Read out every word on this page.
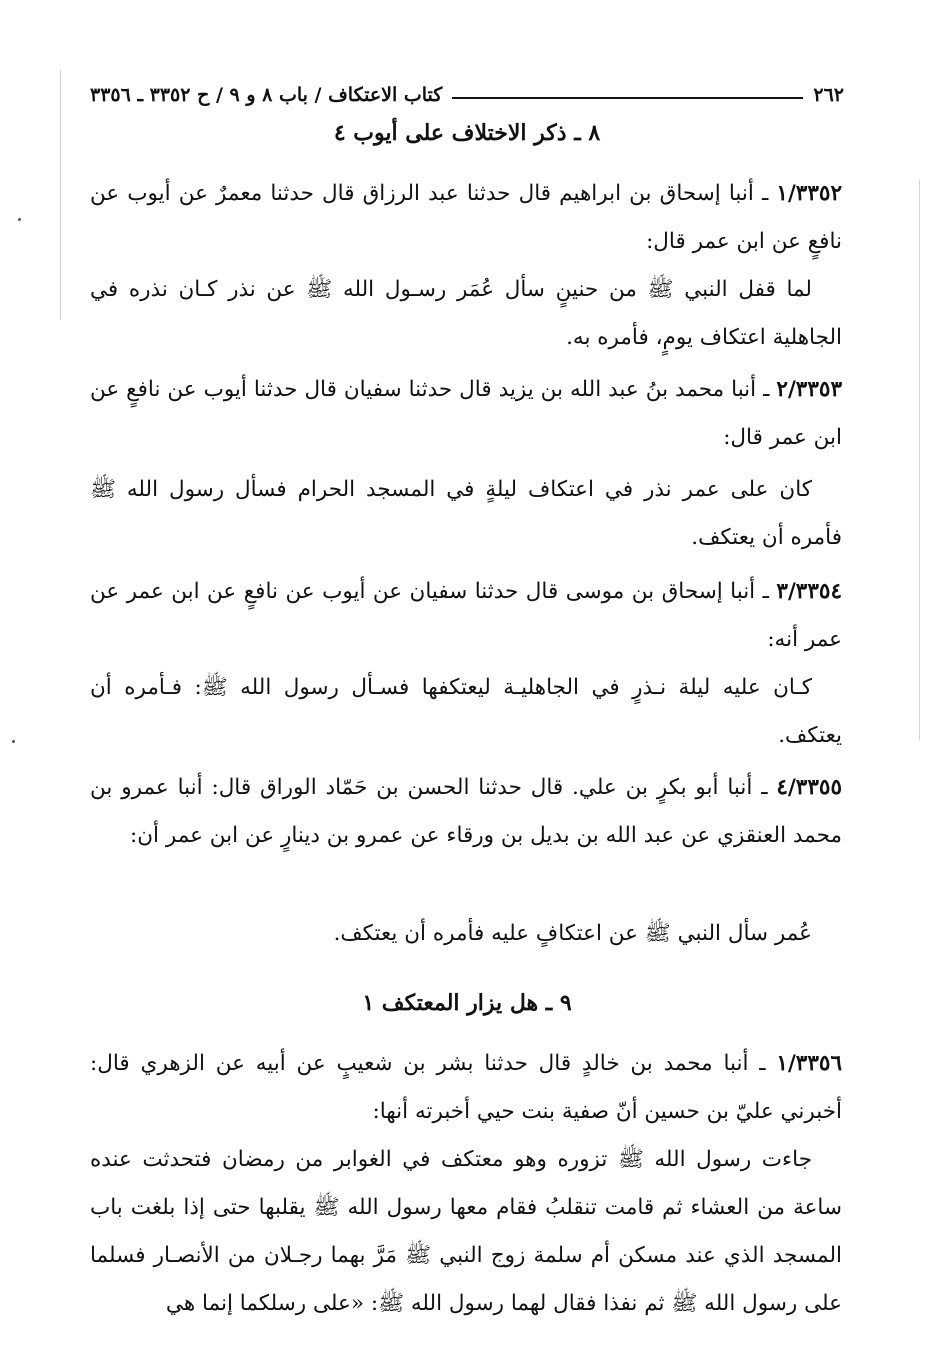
٢٦٢
كتاب الاعتكاف / باب ٨ و ٩ / ح ٣٣٥٢ ـ ٣٣٥٦
٨ ـ ذكر الاختلاف على أيوب ٤
١/٣٣٥٢ ـ أنبا إسحاق بن ابراهيم قال حدثنا عبد الرزاق قال حدثنا معمرٌ عن أيوب عن نافعٍ عن ابن عمر قال:
لما قفل النبي ﷺ من حنينٍ سأل عُمَر رسـول الله ﷺ عن نذر كـان نذره في الجاهلية اعتكاف يومٍ، فأمره به.
٢/٣٣٥٣ ـ أنبا محمد بنُ عبد الله بن يزيد قال حدثنا سفيان قال حدثنا أيوب عن نافعٍ عن ابن عمر قال:
كان على عمر نذر في اعتكاف ليلةٍ في المسجد الحرام فسأل رسول الله ﷺ فأمره أن يعتكف.
٣/٣٣٥٤ ـ أنبا إسحاق بن موسى قال حدثنا سفيان عن أيوب عن نافعٍ عن ابن عمر عن عمر أنه:
كـان عليه ليلة نـذرٍ في الجاهليـة ليعتكفها فسـأل رسول الله ﷺ: فـأمره أن يعتكف.
٤/٣٣٥٥ ـ أنبا أبو بكرٍ بن علي. قال حدثنا الحسن بن حَمّاد الوراق قال: أنبا عمرو بن محمد العنقزي عن عبد الله بن بديل بن ورقاء عن عمرو بن دينارٍ عن ابن عمر أن:
عُمر سأل النبي ﷺ عن اعتكافٍ عليه فأمره أن يعتكف.
٩ ـ هل يزار المعتكف ١
١/٣٣٥٦ ـ أنبا محمد بن خالدٍ قال حدثنا بشر بن شعيبٍ عن أبيه عن الزهري قال: أخبرني عليّ بن حسين أنّ صفية بنت حيي أخبرته أنها:
جاءت رسول الله ﷺ تزوره وهو معتكف في الغوابر من رمضان فتحدثت عنده ساعة من العشاء ثم قامت تنقلبُ فقام معها رسول الله ﷺ يقلبها حتى إذا بلغت باب المسجد الذي عند مسكن أم سلمة زوج النبي ﷺ مَرَّ بهما رجـلان من الأنصـار فسلما على رسول الله ﷺ ثم نفذا فقال لهما رسول الله ﷺ: «على رسلكما إنما هي
